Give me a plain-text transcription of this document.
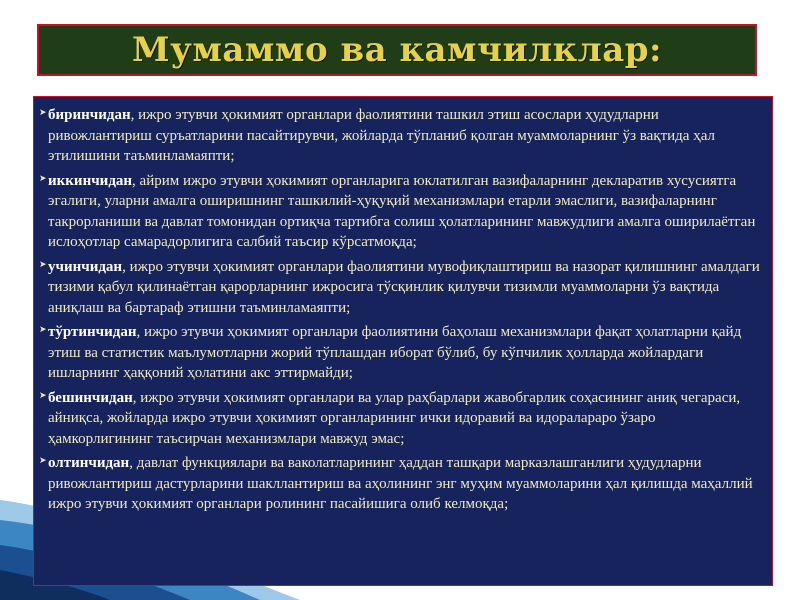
Мумаммо ва камчилклар:
➤ биринчидан, ижро этувчи ҳокимият органлари фаолиятини ташкил этиш асослари ҳудудларни ривожлантириш суръатларини пасайтирувчи, жойларда тўпланиб қолган муаммоларнинг ўз вақтида ҳал этилишини таъминламаяпти;
➤ иккинчидан, айрим ижро этувчи ҳокимият органларига юклатилган вазифаларнинг декларатив хусусиятга эгалиги, уларни амалга оширишнинг ташкилий-ҳуқуқий механизмлари етарли эмаслиги, вазифаларнинг такрорланиши ва давлат томонидан ортиқча тартибга солиш ҳолатларининг мавжудлиги амалга оширилаётган ислоҳотлар самарадорлигига салбий таъсир кўрсатмоқда;
➤ учинчидан, ижро этувчи ҳокимият органлари фаолиятини мувофиқлаштириш ва назорат қилишнинг амалдаги тизими қабул қилинаётган қарорларнинг ижросига тўсқинлик қилувчи тизимли муаммоларни ўз вақтида аниқлаш ва бартараф этишни таъминламаяпти;
➤ тўртинчидан, ижро этувчи ҳокимият органлари фаолиятини баҳолаш механизмлари фақат ҳолатларни қайд этиш ва статистик маълумотларни жорий тўплашдан иборат бўлиб, бу кўпчилик ҳолларда жойлардаги ишларнинг ҳаққоний ҳолатини акс эттирмайди;
➤ бешинчидан, ижро этувчи ҳокимият органлари ва улар раҳбарлари жавобгарлик соҳасининг аниқ чегараси, айниқса, жойларда ижро этувчи ҳокимият органларининг ички идоравий ва идоралараро ўзаро ҳамкорлигининг таъсирчан механизмлари мавжуд эмас;
➤ олтинчидан, давлат функциялари ва ваколатларининг ҳаддан ташқари марказлашганлиги ҳудудларни ривожлантириш дастурларини шакллантириш ва аҳолининг энг муҳим муаммоларини ҳал қилишда маҳаллий ижро этувчи ҳокимият органлари ролининг пасайишига олиб келмоқда;
